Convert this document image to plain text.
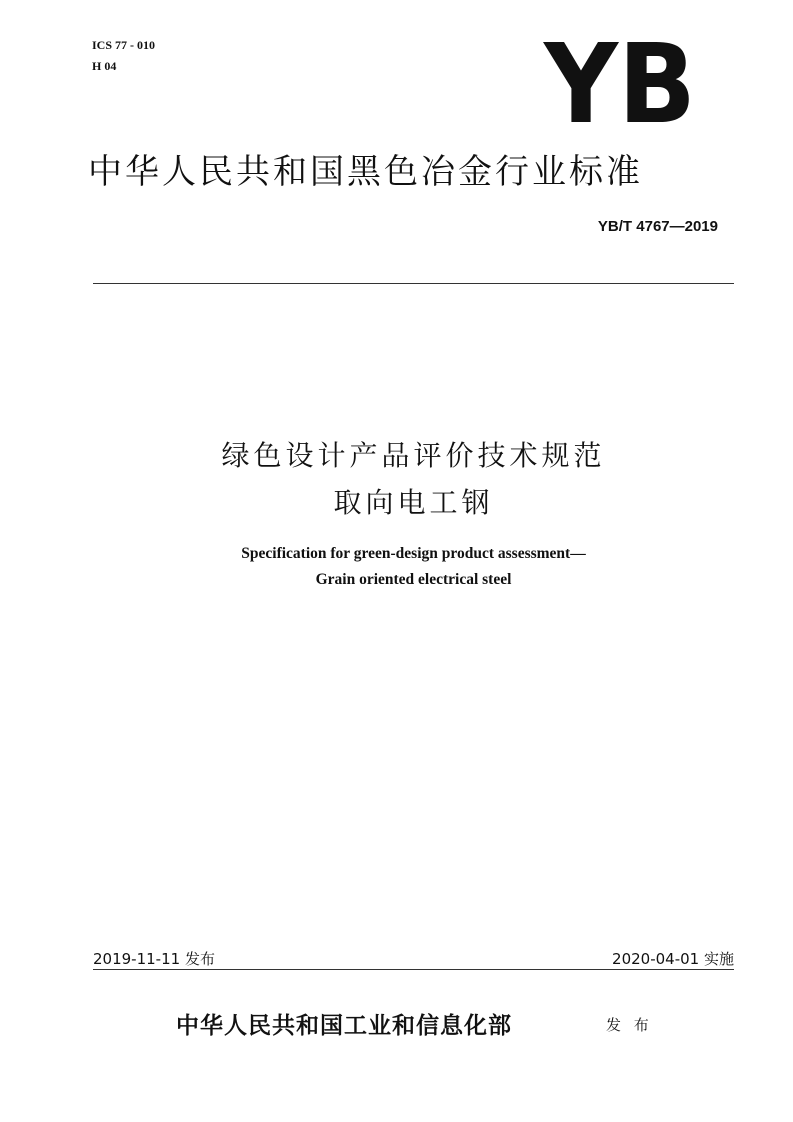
ICS 77 - 010
H 04	YB
中华人民共和国黑色冶金行业标准
YB/T 4767—2019
绿色设计产品评价技术规范
取向电工钢
Specification for green-design product assessment—
Grain oriented electrical steel
2019-11-11 发布	2020-04-01 实施
中华人民共和国工业和信息化部	发 布
